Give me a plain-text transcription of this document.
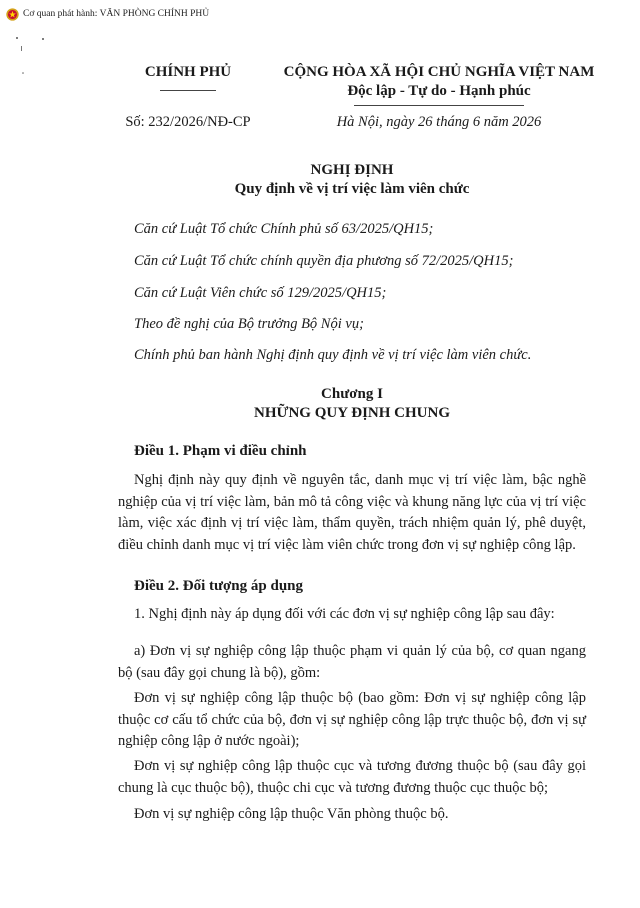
Cơ quan phát hành: VĂN PHÒNG CHÍNH PHỦ
CHÍNH PHỦ
Số: 232/2026/NĐ-CP
CỘNG HÒA XÃ HỘI CHỦ NGHĨA VIỆT NAM
Độc lập - Tự do - Hạnh phúc
Hà Nội, ngày 26 tháng 6 năm 2026
NGHỊ ĐỊNH
Quy định về vị trí việc làm viên chức
Căn cứ Luật Tổ chức Chính phủ số 63/2025/QH15;
Căn cứ Luật Tổ chức chính quyền địa phương số 72/2025/QH15;
Căn cứ Luật Viên chức số 129/2025/QH15;
Theo đề nghị của Bộ trưởng Bộ Nội vụ;
Chính phủ ban hành Nghị định quy định về vị trí việc làm viên chức.
Chương I
NHỮNG QUY ĐỊNH CHUNG
Điều 1. Phạm vi điều chỉnh
Nghị định này quy định về nguyên tắc, danh mục vị trí việc làm, bậc nghề nghiệp của vị trí việc làm, bản mô tả công việc và khung năng lực của vị trí việc làm, việc xác định vị trí việc làm, thẩm quyền, trách nhiệm quản lý, phê duyệt, điều chỉnh danh mục vị trí việc làm viên chức trong đơn vị sự nghiệp công lập.
Điều 2. Đối tượng áp dụng
1. Nghị định này áp dụng đối với các đơn vị sự nghiệp công lập sau đây:
a) Đơn vị sự nghiệp công lập thuộc phạm vi quản lý của bộ, cơ quan ngang bộ (sau đây gọi chung là bộ), gồm:
Đơn vị sự nghiệp công lập thuộc bộ (bao gồm: Đơn vị sự nghiệp công lập thuộc cơ cấu tổ chức của bộ, đơn vị sự nghiệp công lập trực thuộc bộ, đơn vị sự nghiệp công lập ở nước ngoài);
Đơn vị sự nghiệp công lập thuộc cục và tương đương thuộc bộ (sau đây gọi chung là cục thuộc bộ), thuộc chi cục và tương đương thuộc cục thuộc bộ;
Đơn vị sự nghiệp công lập thuộc Văn phòng thuộc bộ.
